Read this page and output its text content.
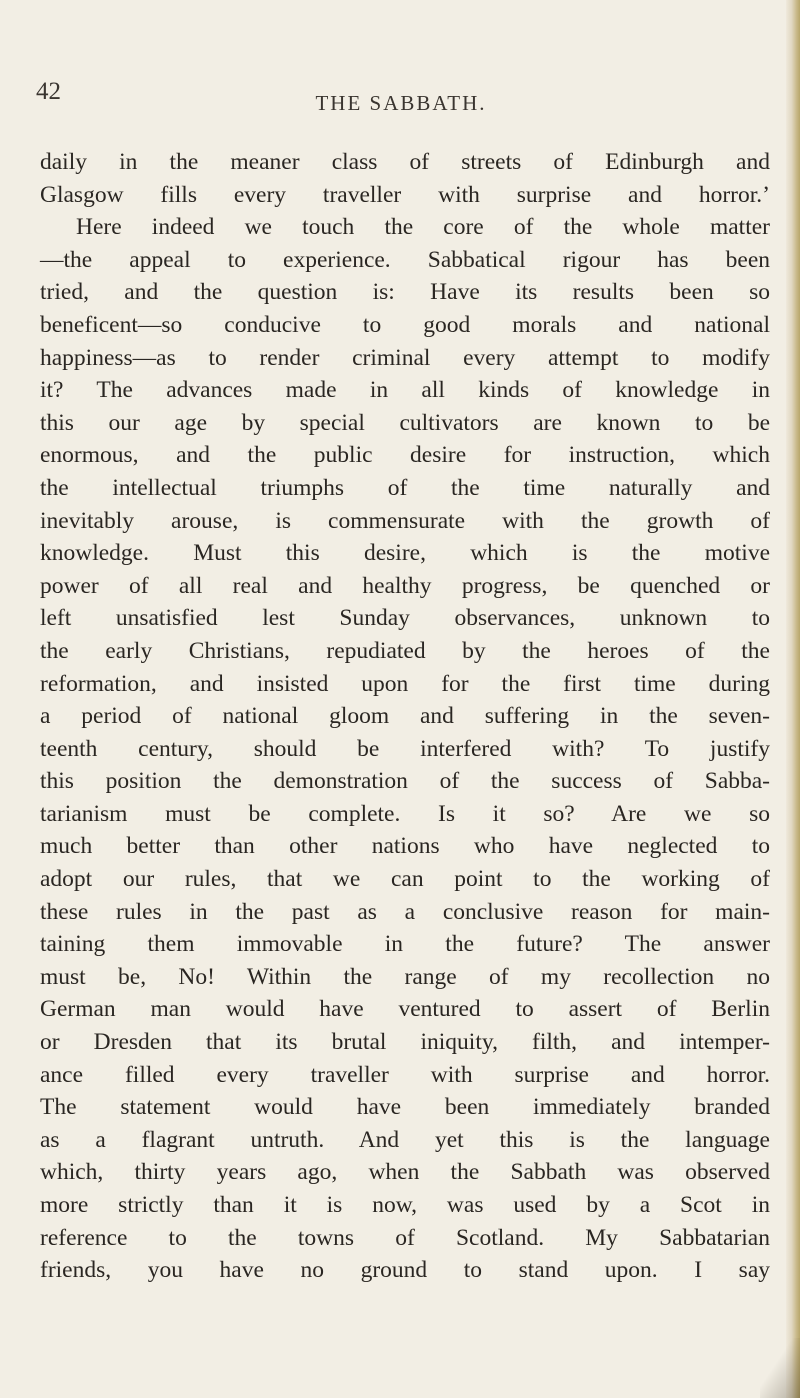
42	THE SABBATH.
daily in the meaner class of streets of Edinburgh and
Glasgow fills every traveller with surprise and horror.’
Here indeed we touch the core of the whole matter
—the appeal to experience. Sabbatical rigour has been
tried, and the question is: Have its results been so
beneficent—so conducive to good morals and national
happiness—as to render criminal every attempt to modify
it? The advances made in all kinds of knowledge in
this our age by special cultivators are known to be
enormous, and the public desire for instruction, which
the intellectual triumphs of the time naturally and
inevitably arouse, is commensurate with the growth of
knowledge. Must this desire, which is the motive
power of all real and healthy progress, be quenched or
left unsatisfied lest Sunday observances, unknown to
the early Christians, repudiated by the heroes of the
reformation, and insisted upon for the first time during
a period of national gloom and suffering in the seven-
teenth century, should be interfered with? To justify
this position the demonstration of the success of Sabba-
tarianism must be complete. Is it so? Are we so
much better than other nations who have neglected to
adopt our rules, that we can point to the working of
these rules in the past as a conclusive reason for main-
taining them immovable in the future? The answer
must be, No! Within the range of my recollection no
German man would have ventured to assert of Berlin
or Dresden that its brutal iniquity, filth, and intemper-
ance filled every traveller with surprise and horror.
The statement would have been immediately branded
as a flagrant untruth. And yet this is the language
which, thirty years ago, when the Sabbath was observed
more strictly than it is now, was used by a Scot in
reference to the towns of Scotland. My Sabbatarian
friends, you have no ground to stand upon. I say
